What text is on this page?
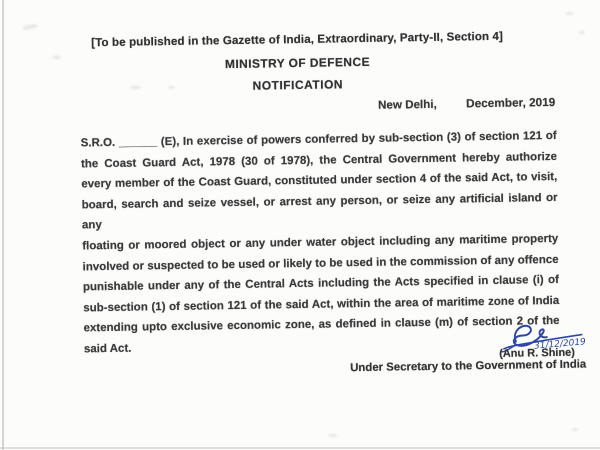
[To be published in the Gazette of India, Extraordinary, Party-II, Section 4]
MINISTRY OF DEFENCE
NOTIFICATION
New Delhi, December, 2019
S.R.O. ______ (E), In exercise of powers conferred by sub-section (3) of section 121 of
the Coast Guard Act, 1978 (30 of 1978), the Central Government hereby authorize
every member of the Coast Guard, constituted under section 4 of the said Act, to visit,
board, search and seize vessel, or arrest any person, or seize any artificial island or any
floating or moored object or any under water object including any maritime property
involved or suspected to be used or likely to be used in the commission of any offence
punishable under any of the Central Acts including the Acts specified in clause (i) of
sub-section (1) of section 121 of the said Act, within the area of maritime zone of India
extending upto exclusive economic zone, as defined in clause (m) of section 2 of the
said Act.	31/12/2019
(Anu R. Shine)
Under Secretary to the Government of India
